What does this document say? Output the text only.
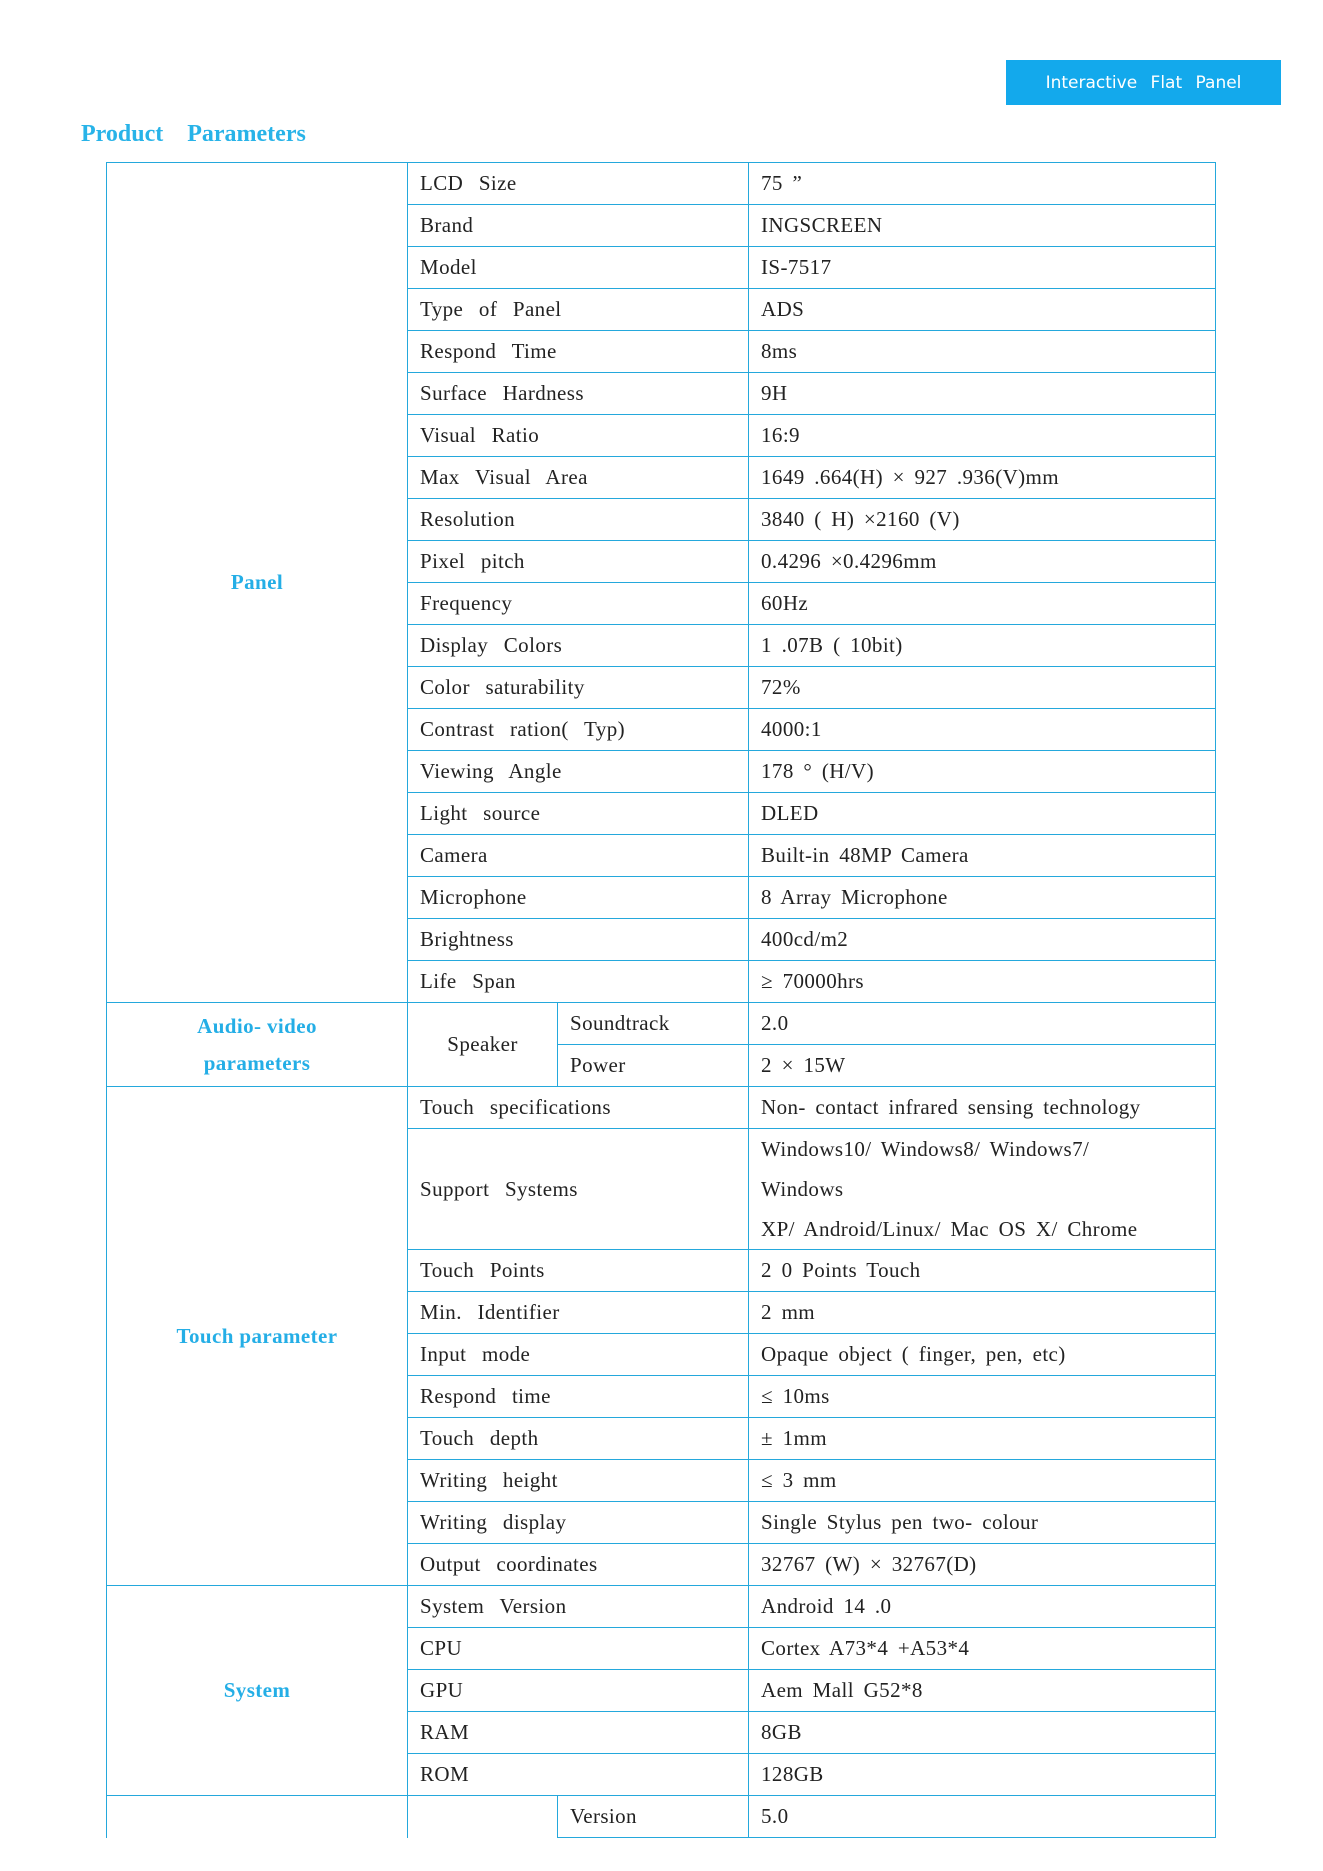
Interactive Flat Panel
Product Parameters
Panel	LCD Size		75 ”
	Brand		INGSCREEN
	Model		IS-7517
	Type of Panel		ADS
	Respond Time		8ms
	Surface Hardness		9H
	Visual Ratio		16:9
	Max Visual Area		1649 .664(H) × 927 .936(V)mm
	Resolution		3840 ( H) ×2160 (V)
	Pixel pitch		0.4296 ×0.4296mm
	Frequency		60Hz
	Display Colors		1 .07B ( 10bit)
	Color saturability		72%
	Contrast ration( Typ)		4000:1
	Viewing Angle		178 ° (H/V)
	Light source		DLED
	Camera		Built-in 48MP Camera
	Microphone		8 Array Microphone
	Brightness		400cd/m2
	Life Span		≥ 70000hrs

Audio- video
parameters	Speaker	Soundtrack	2.0
		Power	2 × 15W
Touch parameter	Touch specifications		Non- contact infrared sensing technology
	Support Systems		Windows10/ Windows8/ Windows7/
Windows
XP/ Android/Linux/ Mac OS X/ Chrome

	Touch Points		2 0 Points Touch
	Min. Identifier		2 mm
	Input mode		Opaque object ( finger, pen, etc)
	Respond time		≤ 10ms
	Touch depth		± 1mm
	Writing height		≤ 3 mm
	Writing display		Single Stylus pen two- colour
	Output coordinates		32767 (W) × 32767(D)
System	System Version		Android 14 .0
	CPU		Cortex A73*4 +A53*4
	GPU		Aem Mall G52*8
	RAM		8GB
	ROM		128GB
		Version	5.0
